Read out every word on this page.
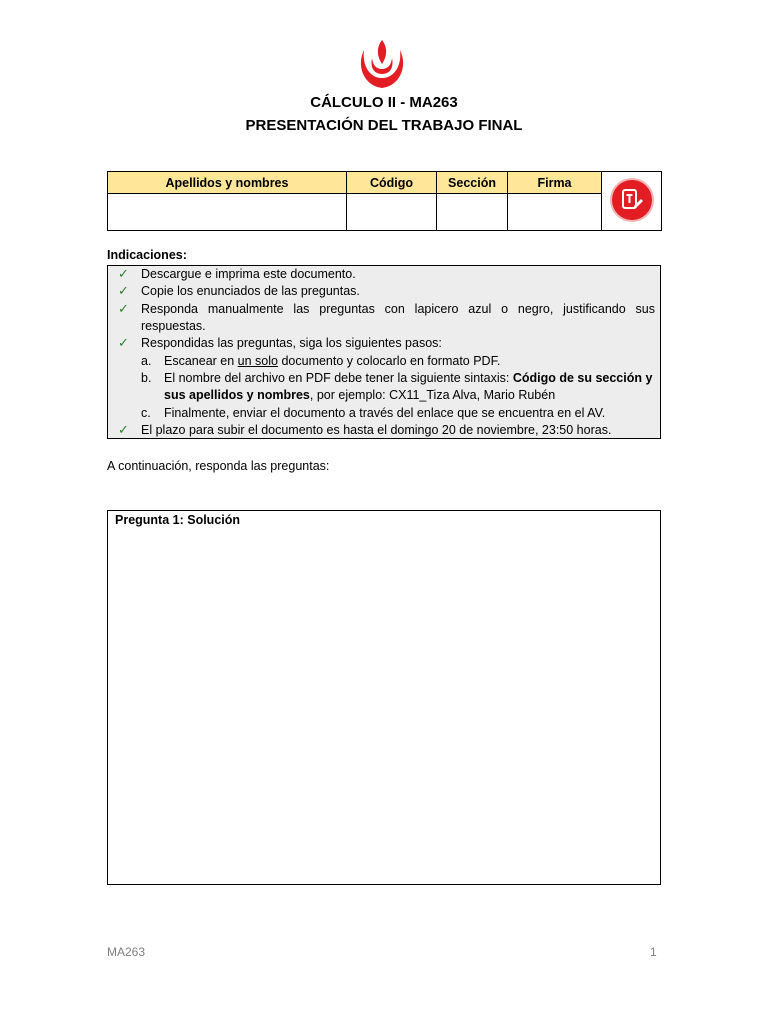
CÁLCULO II - MA263
PRESENTACIÓN DEL TRABAJO FINAL
Apellidos y nombres	Código	Sección	Firma	

Indicaciones:
✓ Descargue e imprima este documento.
✓ Copie los enunciados de las preguntas.
✓ Responda manualmente las preguntas con lapicero azul o negro, justificando sus
respuestas.
✓ Respondidas las preguntas, siga los siguientes pasos:
a. Escanear en un solo documento y colocarlo en formato PDF.
b. El nombre del archivo en PDF debe tener la siguiente sintaxis: Código de su sección y
sus apellidos y nombres, por ejemplo: CX11_Tiza Alva, Mario Rubén
c. Finalmente, enviar el documento a través del enlace que se encuentra en el AV.
✓ El plazo para subir el documento es hasta el domingo 20 de noviembre, 23:50 horas.
A continuación, responda las preguntas:
Pregunta 1: Solución
MA263	1
